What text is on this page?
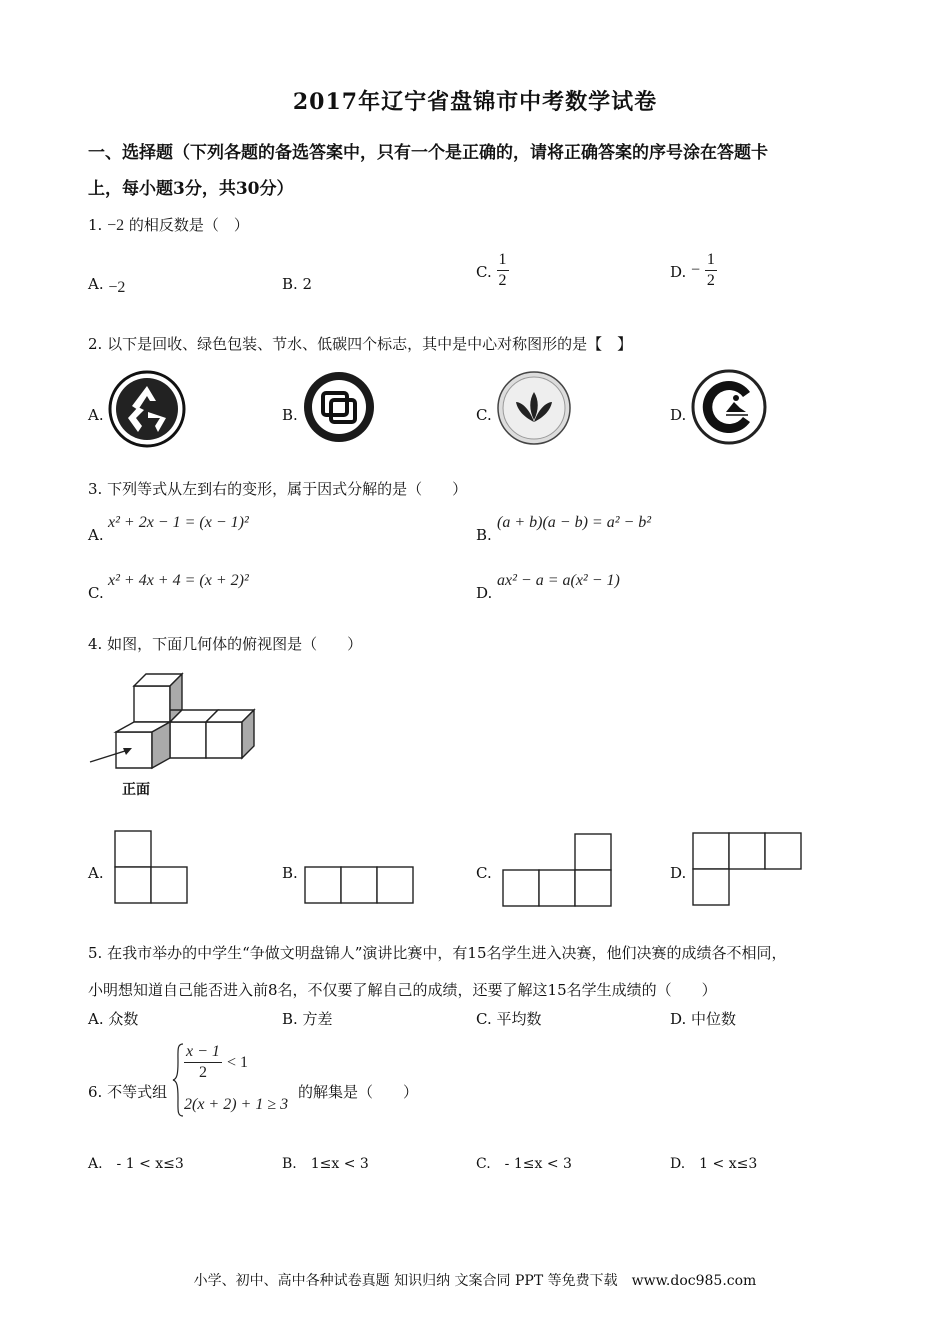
2017年辽宁省盘锦市中考数学试卷
一、选择题（下列各题的备选答案中，只有一个是正确的，请将正确答案的序号涂在答题卡
上，每小题3分，共30分）
1. −2 的相反数是（　）
A. −2	B. 2
C. $\frac{1}{2}$	D. − $\frac{1}{2}$
2. 以下是回收、绿色包装、节水、低碳四个标志，其中是中心对称图形的是【　】
A.	B.	C.	D.
3. 下列等式从左到右的变形，属于因式分解的是（　　）
A.
x² + 2x − 1 = (x − 1)²
B.
(a + b)(a − b) = a² − b²
C.
x² + 4x + 4 = (x + 2)²
D.
ax² − a = a(x² − 1)
4. 如图，下面几何体的俯视图是（　　）
正面
A.	B.	C.	D.
5. 在我市举办的中学生“争做文明盘锦人”演讲比赛中，有15名学生进入决赛，他们决赛的成绩各不相同，
小明想知道自己能否进入前8名，不仅要了解自己的成绩，还要了解这15名学生成绩的（　　）
A. 众数	B. 方差	C. 平均数	D. 中位数
6. 不等式组
$\frac{x - 1}{2} < 1$
2(x + 2) + 1 ≥ 3
的解集是（　　）
A.　- 1 < x≤3	B.　1≤x < 3	C.　- 1≤x < 3	D.　1 < x≤3
小学、初中、高中各种试卷真题 知识归纳 文案合同 PPT 等免费下载　www.doc985.com
